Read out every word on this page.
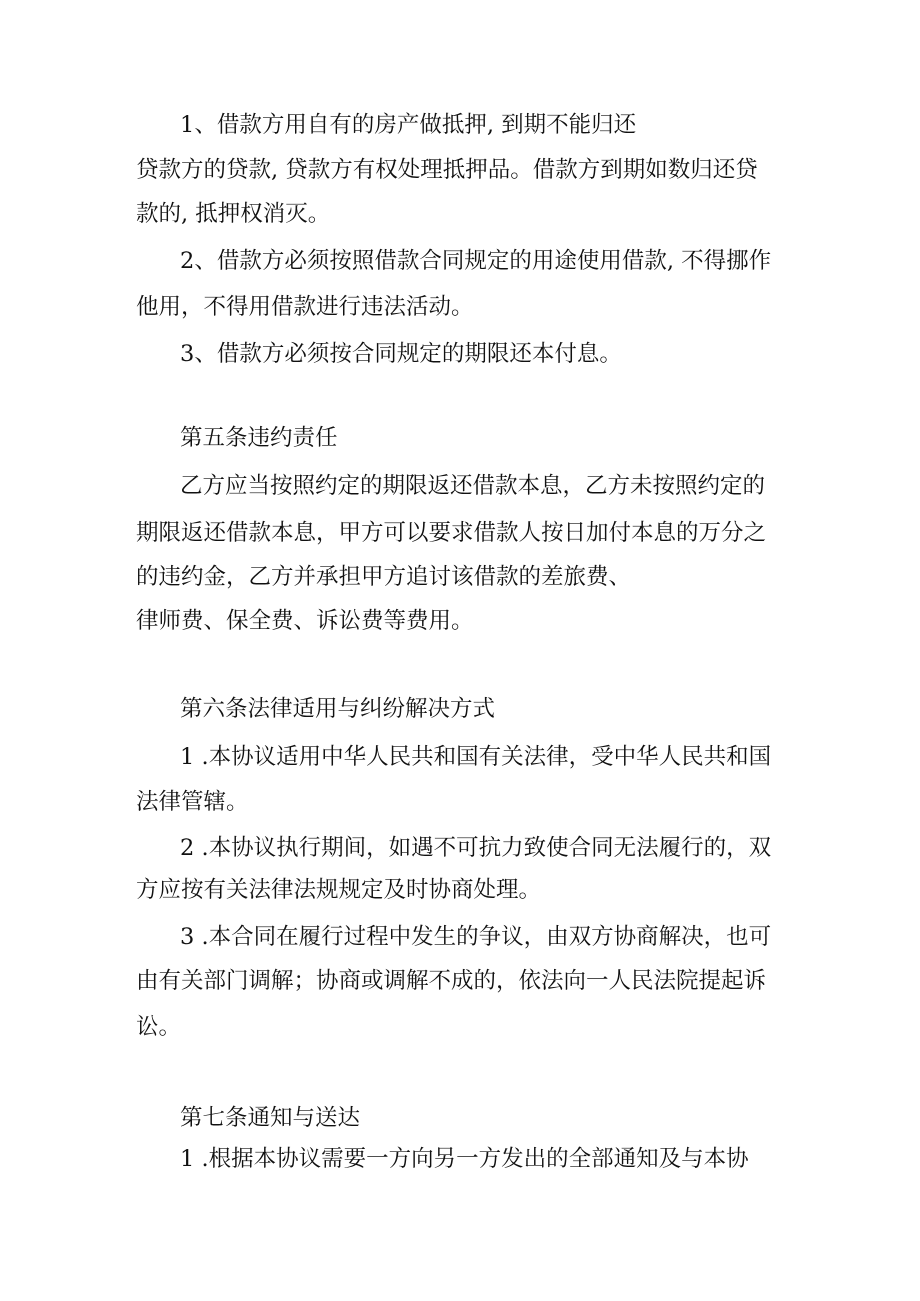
1、借款方用自有的房产做抵押, 到期不能归还

贷款方的贷款, 贷款方有权处理抵押品。借款方到期如数归还贷

款的, 抵押权消灭。

2、借款方必须按照借款合同规定的用途使用借款, 不得挪作

他用，不得用借款进行违法活动。

3、借款方必须按合同规定的期限还本付息。

第五条违约责任

乙方应当按照约定的期限返还借款本息，乙方未按照约定的

期限返还借款本息，甲方可以要求借款人按日加付本息的万分之

的违约金，乙方并承担甲方追讨该借款的差旅费、

律师费、保全费、诉讼费等费用。

第六条法律适用与纠纷解决方式

1 .本协议适用中华人民共和国有关法律，受中华人民共和国

法律管辖。

2 .本协议执行期间，如遇不可抗力致使合同无法履行的，双

方应按有关法律法规规定及时协商处理。

3 .本合同在履行过程中发生的争议，由双方协商解决，也可

由有关部门调解；协商或调解不成的，依法向一人民法院提起诉

讼。

第七条通知与送达

1 .根据本协议需要一方向另一方发出的全部通知及与本协
